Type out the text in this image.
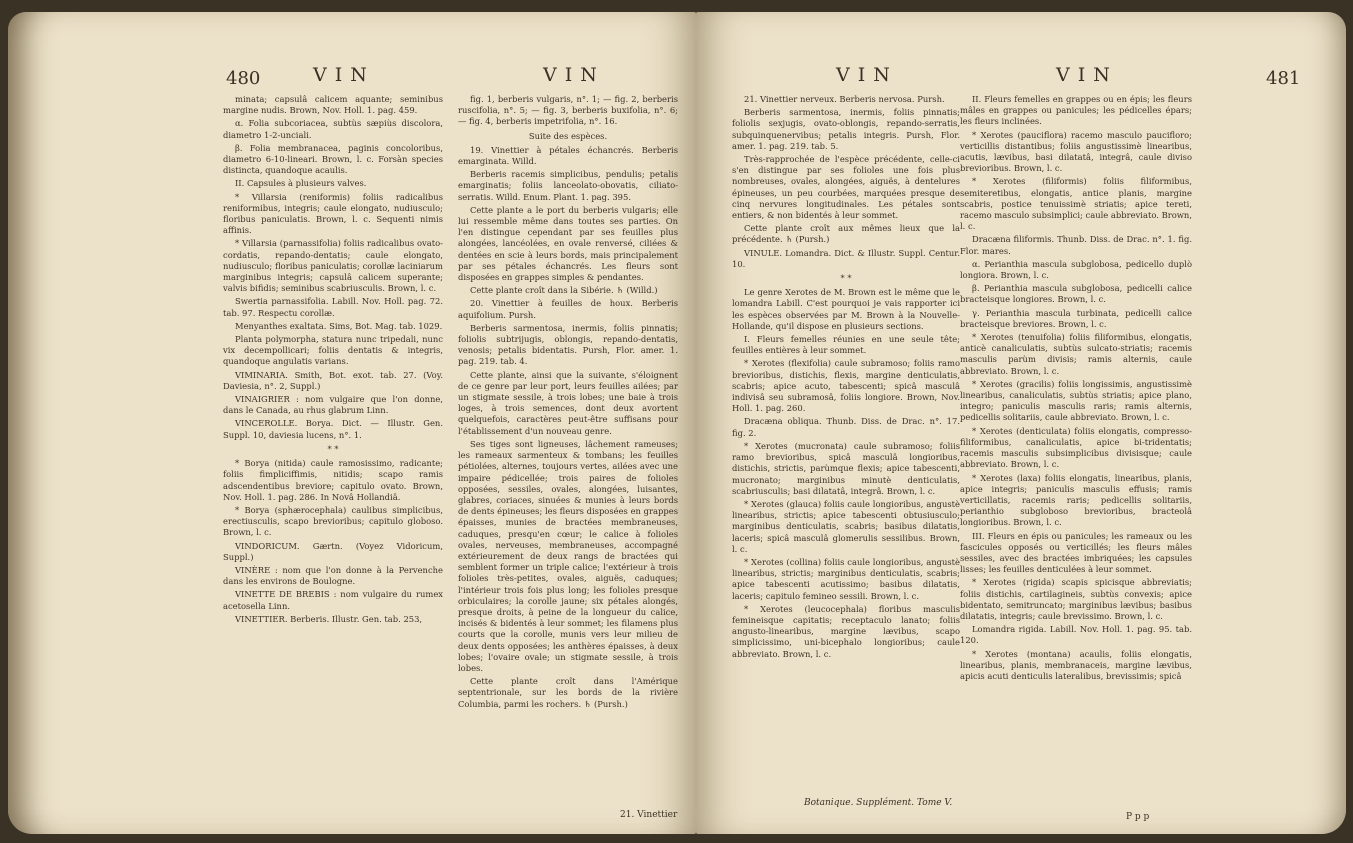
480	VIN	VIN

minata; capsulâ calicem aquante; seminibus margine nudis. Brown, Nov. Holl. 1. pag. 459.

α. Folia subcoriacea, subtùs sæpiùs discolora, diametro 1-2-unciali.

β. Folia membranacea, paginis concoloribus, diametro 6-10-lineari. Brown, l. c. Forsàn species distincta, quandoque acaulis.

II. Capsules à plusieurs valves.

* Villarsia (reniformis) foliis radicalibus reniformibus, integris; caule elongato, nudiusculo; floribus paniculatis. Brown, l. c. Sequenti nimis affinis.

* Villarsia (parnassifolia) foliis radicalibus ovato-cordatis, repando-dentatis; caule elongato, nudiusculo; floribus paniculatis; corollæ laciniarum marginibus integris; capsulâ calicem superante; valvis bifidis; seminibus scabriusculis. Brown, l. c.

Swertia parnassifolia. Labill. Nov. Holl. pag. 72. tab. 97. Respectu corollæ.

Menyanthes exaltata. Sims, Bot. Mag. tab. 1029.

Planta polymorpha, statura nunc tripedali, nunc vix decempollicari; foliis dentatis & integris, quandoque angulatis varians.

VIMINARIA. Smith, Bot. exot. tab. 27. (Voy. Daviesia, n°. 2, Suppl.)

VINAIGRIER : nom vulgaire que l'on donne, dans le Canada, au rhus glabrum Linn.

VINCEROLLE. Borya. Dict. — Illustr. Gen. Suppl. 10, daviesia lucens, n°. 1.

* *

* Borya (nitida) caule ramosissimo, radicante; foliis fimpliciffimis, nitidis; scapo ramis adscendentibus breviore; capitulo ovato. Brown, Nov. Holl. 1. pag. 286. In Novâ Hollandiâ.

* Borya (sphærocephala) caulibus simplicibus, erectiusculis, scapo brevioribus; capitulo globoso. Brown, l. c.

VINDORICUM. Gærtn. (Voyez Vidoricum, Suppl.)

VINÈRE : nom que l'on donne à la Pervenche dans les environs de Boulogne.

VINETTE DE BREBIS : nom vulgaire du rumex acetosella Linn.

VINETTIER. Berberis. Illustr. Gen. tab. 253,

fig. 1, berberis vulgaris, n°. 1; — fig. 2, berberis ruscifolia, n°. 5; — fig. 3, berberis buxifolia, n°. 6; — fig. 4, berberis impetrifolia, n°. 16.

Suite des espèces.

19. Vinettier à pétales échancrés. Berberis emarginata. Willd.

Berberis racemis simplicibus, pendulis; petalis emarginatis; foliis lanceolato-obovatis, ciliato-serratis. Willd. Enum. Plant. 1. pag. 395.

Cette plante a le port du berberis vulgaris; elle lui ressemble même dans toutes ses parties. On l'en distingue cependant par ses feuilles plus alongées, lancéolées, en ovale renversé, ciliées & dentées en scie à leurs bords, mais principalement par ses pétales échancrés. Les fleurs sont disposées en grappes simples & pendantes.

Cette plante croît dans la Sibérie. ♄ (Willd.)

20. Vinettier à feuilles de houx. Berberis aquifolium. Pursh.

Berberis sarmentosa, inermis, foliis pinnatis; foliolis subtrijugis, oblongis, repando-dentatis, venosis; petalis bidentatis. Pursh, Flor. amer. 1. pag. 219. tab. 4.

Cette plante, ainsi que la suivante, s'éloignent de ce genre par leur port, leurs feuilles ailées; par un stigmate sessile, à trois lobes; une baie à trois loges, à trois semences, dont deux avortent quelquefois, caractères peut-être suffisans pour l'établissement d'un nouveau genre.

Ses tiges sont ligneuses, lâchement rameuses; les rameaux sarmenteux & tombans; les feuilles pétiolées, alternes, toujours vertes, ailées avec une impaire pédicellée; trois paires de folioles opposées, sessiles, ovales, alongées, luisantes, glabres, coriaces, sinuées & munies à leurs bords de dents épineuses; les fleurs disposées en grappes épaisses, munies de bractées membraneuses, caduques, presqu'en cœur; le calice à folioles ovales, nerveuses, membraneuses, accompagné extérieurement de deux rangs de bractées qui semblent former un triple calice; l'extérieur à trois folioles très-petites, ovales, aiguës, caduques; l'intérieur trois fois plus long; les folioles presque orbiculaires; la corolle jaune; six pétales alongés, presque droits, à peine de la longueur du calice, incisés & bidentés à leur sommet; les filamens plus courts que la corolle, munis vers leur milieu de deux dents opposées; les anthères épaisses, à deux lobes; l'ovaire ovale; un stigmate sessile, à trois lobes.

Cette plante croît dans l'Amérique septentrionale, sur les bords de la rivière Columbia, parmi les rochers. ♄ (Pursh.)

21. Vinettier
VIN	VIN	481

21. Vinettier nerveux. Berberis nervosa. Pursh.

Berberis sarmentosa, inermis, foliis pinnatis; foliolis sexjugis, ovato-oblongis, repando-serratis, subquinquenervibus; petalis integris. Pursh, Flor. amer. 1. pag. 219. tab. 5.

Très-rapprochée de l'espèce précédente, celle-ci s'en distingue par ses folioles une fois plus nombreuses, ovales, alongées, aiguës, à dentelures épineuses, un peu courbées, marquées presque de cinq nervures longitudinales. Les pétales sont entiers, & non bidentés à leur sommet.

Cette plante croît aux mêmes lieux que la précédente. ♄ (Pursh.)

VINULE. Lomandra. Dict. & Illustr. Suppl. Centur. 10.

* *

Le genre Xerotes de M. Brown est le même que le lomandra Labill. C'est pourquoi je vais rapporter ici les espèces observées par M. Brown à la Nouvelle-Hollande, qu'il dispose en plusieurs sections.

I. Fleurs femelles réunies en une seule tête; feuilles entières à leur sommet.

* Xerotes (flexifolia) caule subramoso; foliis ramo brevioribus, distichis, flexis, margine denticulatis, scabris; apice acuto, tabescenti; spicâ masculâ indivisâ seu subramosâ, foliis longiore. Brown, Nov. Holl. 1. pag. 260.

Dracæna obliqua. Thunb. Diss. de Drac. n°. 17. fig. 2.

* Xerotes (mucronata) caule subramoso; foliis ramo brevioribus, spicâ masculâ longioribus, distichis, strictis, parùmque flexis; apice tabescenti, mucronato; marginibus minutè denticulatis, scabriusculis; basi dilatatâ, integrâ. Brown, l. c.

* Xerotes (glauca) foliis caule longioribus, angustè linearibus, strictis; apice tabescenti obtusiusculo; marginibus denticulatis, scabris; basibus dilatatis, laceris; spicâ masculâ glomerulis sessilibus. Brown, l. c.

* Xerotes (collina) foliis caule longioribus, angustè linearibus, strictis; marginibus denticulatis, scabris; apice tabescenti acutissimo; basibus dilatatis, laceris; capitulo femineo sessili. Brown, l. c.

* Xerotes (leucocephala) floribus masculis femineisque capitatis; receptaculo lanato; foliis angusto-linearibus, margine lævibus, scapo simplicissimo, uni-bicephalo longioribus; caule abbreviato. Brown, l. c.

II. Fleurs femelles en grappes ou en épis; les fleurs mâles en grappes ou panicules; les pédicelles épars; les fleurs inclinées.

* Xerotes (pauciflora) racemo masculo paucifloro; verticillis distantibus; foliis angustissimè linearibus, acutis, lævibus, basi dilatatâ, integrâ, caule diviso brevioribus. Brown, l. c.

* Xerotes (filiformis) foliis filiformibus, semiteretibus, elongatis, antice planis, margine scabris, postice tenuissimè striatis; apice tereti, racemo masculo subsimplici; caule abbreviato. Brown, l. c.

Dracæna filiformis. Thunb. Diss. de Drac. n°. 1. fig. Flor. mares.

α. Perianthia mascula subglobosa, pedicello duplò longiora. Brown, l. c.

β. Perianthia mascula subglobosa, pedicelli calice bracteisque longiores. Brown, l. c.

γ. Perianthia mascula turbinata, pedicelli calice bracteisque breviores. Brown, l. c.

* Xerotes (tenuifolia) foliis filiformibus, elongatis, anticè canaliculatis, subtùs sulcato-striatis; racemis masculis parùm divisis; ramis alternis, caule abbreviato. Brown, l. c.

* Xerotes (gracilis) foliis longissimis, angustissimè linearibus, canaliculatis, subtùs striatis; apice plano, integro; paniculis masculis raris; ramis alternis, pedicellis solitariis, caule abbreviato. Brown, l. c.

* Xerotes (denticulata) foliis elongatis, compresso-filiformibus, canaliculatis, apice bi-tridentatis; racemis masculis subsimplicibus divisisque; caule abbreviato. Brown, l. c.

* Xerotes (laxa) foliis elongatis, linearibus, planis, apice integris; paniculis masculis effusis; ramis verticillatis, racemis raris; pedicellis solitariis, perianthio subgloboso brevioribus, bracteolâ longioribus. Brown, l. c.

III. Fleurs en épis ou panicules; les rameaux ou les fascicules opposés ou verticillés; les fleurs mâles sessiles, avec des bractées imbriquées; les capsules lisses; les feuilles denticulées à leur sommet.

* Xerotes (rigida) scapis spicisque abbreviatis; foliis distichis, cartilagineis, subtùs convexis; apice bidentato, semitruncato; marginibus lævibus; basibus dilatatis, integris; caule brevissimo. Brown, l. c.

Lomandra rigida. Labill. Nov. Holl. 1. pag. 95. tab. 120.

* Xerotes (montana) acaulis, foliis elongatis, linearibus, planis, membranaceis, margine lævibus, apicis acuti denticulis lateralibus, brevissimis; spicâ

Botanique. Supplément. Tome V.
P p p
